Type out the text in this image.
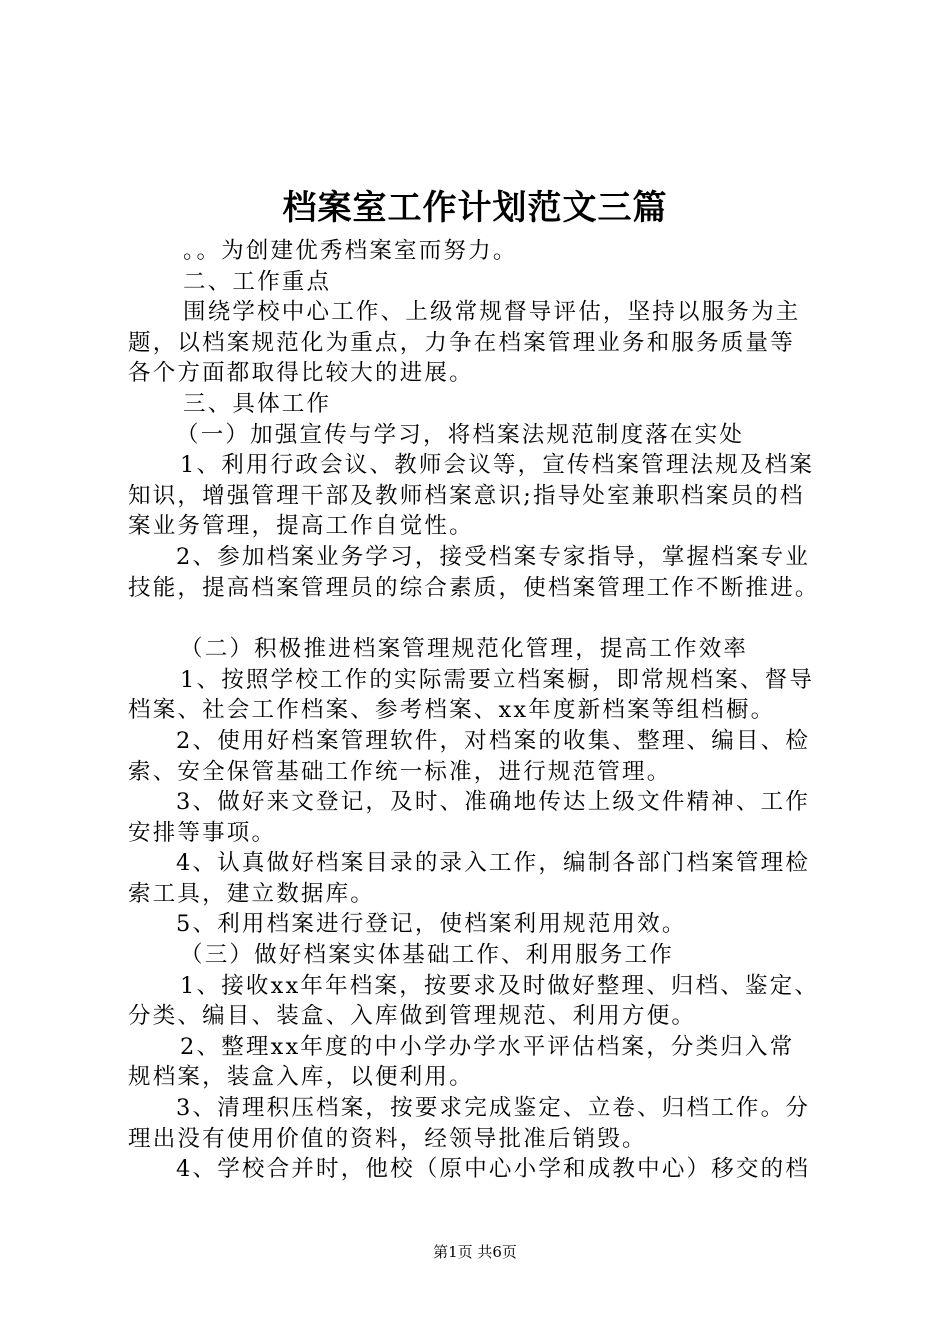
档案室工作计划范文三篇

。。为创建优秀档案室而努力。

二、工作重点

围绕学校中心工作、上级常规督导评估，坚持以服务为主

题，以档案规范化为重点，力争在档案管理业务和服务质量等

各个方面都取得比较大的进展。

三、具体工作

（一）加强宣传与学习，将档案法规范制度落在实处

1、利用行政会议、教师会议等，宣传档案管理法规及档案

知识，增强管理干部及教师档案意识;指导处室兼职档案员的档

案业务管理，提高工作自觉性。

2、参加档案业务学习，接受档案专家指导，掌握档案专业

技能，提高档案管理员的综合素质，使档案管理工作不断推进。

（二）积极推进档案管理规范化管理，提高工作效率

1、按照学校工作的实际需要立档案橱，即常规档案、督导

档案、社会工作档案、参考档案、xx年度新档案等组档橱。

2、使用好档案管理软件，对档案的收集、整理、编目、检

索、安全保管基础工作统一标准，进行规范管理。

3、做好来文登记，及时、准确地传达上级文件精神、工作

安排等事项。

4、认真做好档案目录的录入工作，编制各部门档案管理检

索工具，建立数据库。

5、利用档案进行登记，使档案利用规范用效。

（三）做好档案实体基础工作、利用服务工作

1、接收xx年年档案，按要求及时做好整理、归档、鉴定、

分类、编目、装盒、入库做到管理规范、利用方便。

2、整理xx年度的中小学办学水平评估档案，分类归入常

规档案，装盒入库，以便利用。

3、清理积压档案，按要求完成鉴定、立卷、归档工作。分

理出没有使用价值的资料，经领导批准后销毁。

4、学校合并时，他校（原中心小学和成教中心）移交的档

第1页 共6页
